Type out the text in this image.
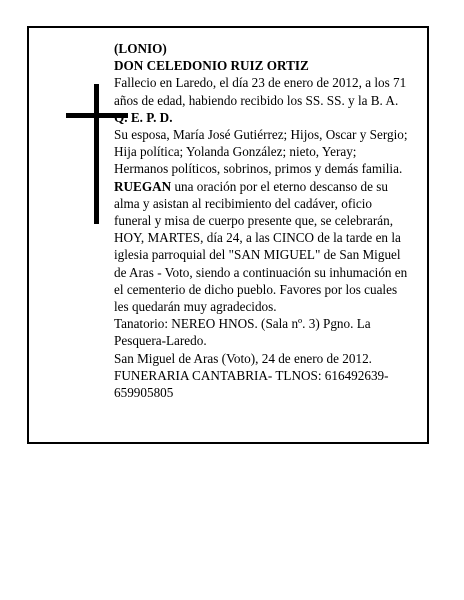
(LONIO)
DON CELEDONIO RUIZ ORTIZ
Fallecio en Laredo, el día 23 de enero de 2012, a los 71
años de edad, habiendo recibido los SS. SS. y la B. A.
Q. E. P. D.
Su esposa, María José Gutiérrez; Hijos, Oscar y Sergio;
Hija política; Yolanda González; nieto, Yeray;
Hermanos políticos, sobrinos, primos y demás familia.
RUEGAN una oración por el eterno descanso de su
alma y asistan al recibimiento del cadáver, oficio
funeral y misa de cuerpo presente que, se celebrarán,
HOY, MARTES, día 24, a las CINCO de la tarde en la
iglesia parroquial del "SAN MIGUEL" de San Miguel
de Aras - Voto, siendo a continuación su inhumación en
el cementerio de dicho pueblo. Favores por los cuales
les quedarán muy agradecidos.
Tanatorio: NEREO HNOS. (Sala nº. 3) Pgno. La
Pesquera-Laredo.
San Miguel de Aras (Voto), 24 de enero de 2012.
FUNERARIA CANTABRIA- TLNOS: 616492639-
659905805
